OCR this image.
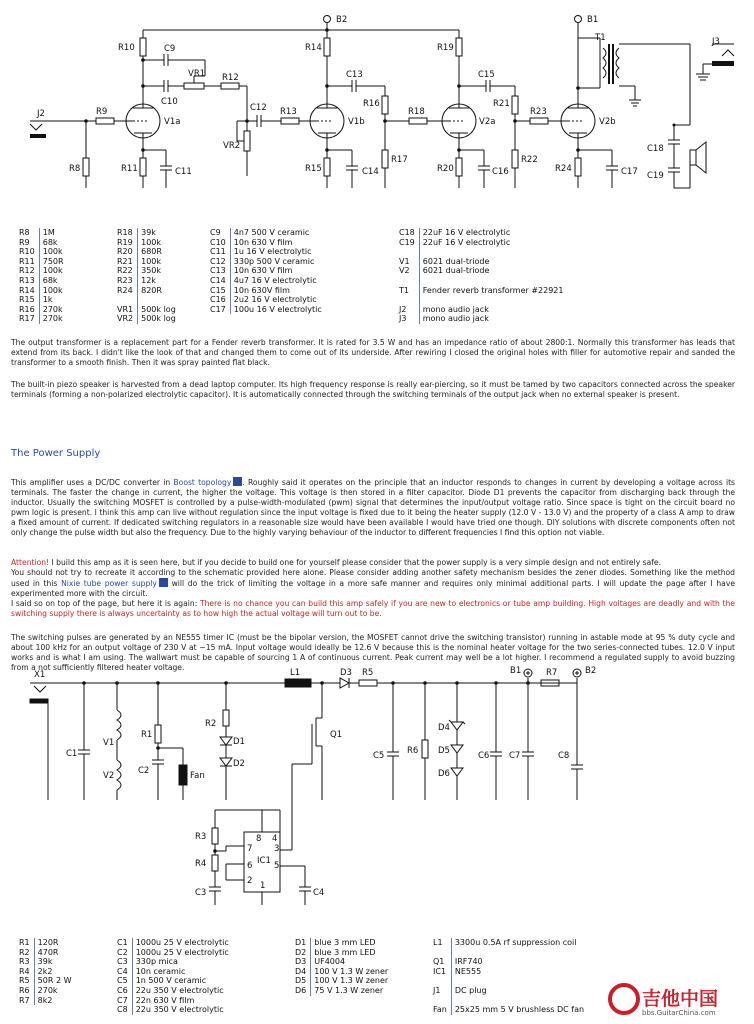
B2	B1
T1	J3
J2
R10	R14	R19
C9
C10
VR1 R12
C12 R13
VR2
R9
R8	R11	C11
V1a	V1b	V2a	V2b
C13	C15
R16
R18
R21
R23
R17
R15	C14	R20	C16
R22
R24	C17
C18
C19
R8	1M
R9	68k
R10	100k
R11	750R
R12	100k
R13	68k
R14	100k
R15	1k
R16	270k
R17	270k
R18	39k
R19	100k
R20	680R
R21	100k
R22	350k
R23	12k
R24	820R

VR1	500k log
VR2	500k log
C9	4n7 500 V ceramic
C10	10n 630 V film
C11	1u 16 V electrolytic
C12	330p 500 V ceramic
C13	10n 630 V film
C14	4u7 16 V electrolytic
C15	10n 630V film
C16	2u2 16 V electrolytic
C17	100u 16 V electrolytic
C18	22uF 16 V electrolytic
C19	22uF 16 V electrolytic

V1	6021 dual-triode
V2	6021 dual-triode

T1	Fender reverb transformer #22921

J2	mono audio jack
J3	mono audio jack

The output transformer is a replacement part for a Fender reverb transformer. It is rated for 3.5 W and has an impedance ratio of about 2800:1. Normally this transformer has leads that extend from its back. I didn't like the look of that and changed them to come out of its underside. After rewiring I closed the original holes with filler for automotive repair and sanded the transformer to a smooth finish. Then it was spray painted flat black.

The built-in piezo speaker is harvested from a dead laptop computer. Its high frequency response is really ear-piercing, so it must be tamed by two capacitors connected across the speaker terminals (forming a non-polarized electrolytic capacitor). It is automatically connected through the switching terminals of the output jack when no external speaker is present.

The Power Supply

This amplifier uses a DC/DC converter in Boost topology . Roughly said it operates on the principle that an inductor responds to changes in current by developing a voltage across its terminals. The faster the change in current, the higher the voltage. This voltage is then stored in a filter capacitor. Diode D1 prevents the capacitor from discharging back through the inductor. Usually the switching MOSFET is controlled by a pulse-width-modulated (pwm) signal that determines the input/output voltage ratio. Since space is tight on the circuit board no pwm logic is present. I think this amp can live without regulation since the input voltage is fixed due to it being the heater supply (12.0 V - 13.0 V) and the property of a class A amp to draw a fixed amount of current. If dedicated switching regulators in a reasonable size would have been available I would have tried one though. DIY solutions with discrete components often not only change the pulse width but also the frequency. Due to the highly varying behaviour of the inductor to different frequencies I find this option not viable.

Attention! I build this amp as it is seen here, but if you decide to build one for yourself please consider that the power supply is a very simple design and not entirely safe.

You should not try to recreate it according to the schematic provided here alone. Please consider adding another safety mechanism besides the zener diodes. Something like the method used in this Nixie tube power supply will do the trick of limiting the voltage in a more safe manner and requires only minimal additional parts. I will update the page after I have experimented more with the circuit.

I said so on top of the page, but here it is again: There is no chance you can build this amp safely if you are new to electronics or tube amp building. High voltages are deadly and with the switching supply there is always uncertainty as to how high the actual voltage will turn out to be.

The switching pulses are generated by an NE555 timer IC (must be the bipolar version, the MOSFET cannot drive the switching transistor) running in astable mode at 95 % duty cycle and about 100 kHz for an output voltage of 230 V at ~15 mA. Input voltage would ideally be 12.6 V because this is the nominal heater voltage for the two series-connected tubes. 12.0 V input works and is what I am using. The wallwart must be capable of sourcing 1 A of continuous current. Peak current may well be a lot higher. I recommend a regulated supply to avoid buzzing from a not sufficiently filtered heater voltage.

X1	L1	D3 R5	B1	R7	B2
C1
V1
V2
R1
C2	Fan
R2
D1
D2
Q1
C5	R6
D4
D5
D6
C6 C7	C8
R3
R4	IC1
C3	C4
8 4
7	3
6	5
2 1
R1	120R
R2	470R
R3	39k
R4	2k2
R5	50R 2 W
R6	270k
R7	8k2
C1	1000u 25 V electrolytic
C2	1000u 25 V electrolytic
C3	330p mica
C4	10n ceramic
C5	1n 500 V ceramic
C6	22u 350 V electrolytic
C7	22n 630 V film
C8	22u 350 V electrolytic
D1	blue 3 mm LED
D2	blue 3 mm LED
D3	UF4004
D4	100 V 1.3 W zener
D5	100 V 1.3 W zener
D6	75 V 1.3 W zener
L1	3300u 0.5A rf suppression coil

Q1	IRF740
IC1	NE555

J1	DC plug

Fan	25x25 mm 5 V brushless DC fan	吉他中国
bbs.GuitarChina.com
